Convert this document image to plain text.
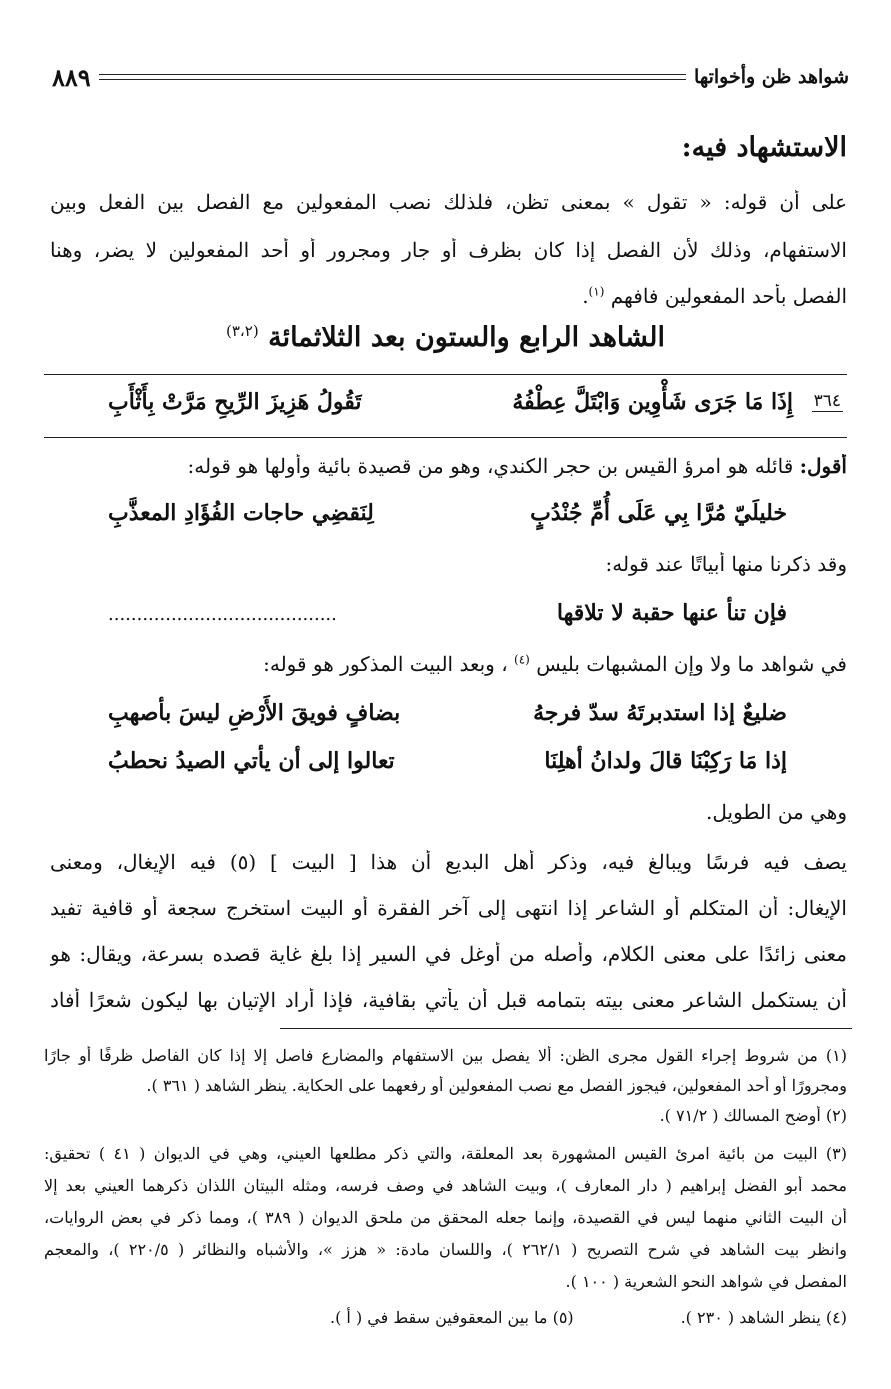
شواهد ظن وأخواتها
٨٨٩
الاستشهاد فيه:
على أن قوله: « تقول » بمعنى تظن، فلذلك نصب المفعولين مع الفصل بين الفعل وبين
الاستفهام، وذلك لأن الفصل إذا كان بظرف أو جار ومجرور أو أحد المفعولين لا يضر، وهنا
الفصل بأحد المفعولين فافهم $^{(١)}$.
الشاهد الرابع والستون بعد الثلاثمائة $^{(٣،٢)}$
٣٦٤
إِذَا مَا جَرَى شَأْوِين وَابْتَلَّ عِطْفُهُ
تَقُولُ هَزِيزَ الرِّيحِ مَرَّتْ بِأَثْأَبِ
أقول: قائله هو امرؤ القيس بن حجر الكندي، وهو من قصيدة بائية وأولها هو قوله:
خليلَيّ مُرَّا بِي عَلَى أُمِّ جُنْدُبٍ
لِنَقضِي حاجات الفُؤَادِ المعذَّبِ
وقد ذكرنا منها أبياتًا عند قوله:
فإن تنأ عنها حقبة لا تلاقها
........................................
في شواهد ما ولا وإن المشبهات بليس $^{(٤)}$ ، وبعد البيت المذكور هو قوله:
ضليعٌ إذا استدبرتَهُ سدّ فرجهُ
بضافٍ فويقَ الأَرْضِ ليسَ بأصهبِ
إذا مَا رَكِبْنَا قالَ ولدانُ أهلِنَا
تعالوا إلى أن يأتي الصيدُ نحطبُ
وهي من الطويل.
يصف فيه فرسًا ويبالغ فيه، وذكر أهل البديع أن هذا [ البيت ] (٥) فيه الإيغال، ومعنى
الإيغال: أن المتكلم أو الشاعر إذا انتهى إلى آخر الفقرة أو البيت استخرج سجعة أو قافية تفيد
معنى زائدًا على معنى الكلام، وأصله من أوغل في السير إذا بلغ غاية قصده بسرعة، ويقال: هو
أن يستكمل الشاعر معنى بيته بتمامه قبل أن يأتي بقافية، فإذا أراد الإتيان بها ليكون شعرًا أفاد
(١) من شروط إجراء القول مجرى الظن: ألا يفصل بين الاستفهام والمضارع فاصل إلا إذا كان الفاصل ظرفًا أو جارًا
ومجرورًا أو أحد المفعولين، فيجوز الفصل مع نصب المفعولين أو رفعهما على الحكاية. ينظر الشاهد ( ٣٦١ ).
(٢) أوضح المسالك ( ٧١/٢ ).
(٣) البيت من بائية امرئ القيس المشهورة بعد المعلقة، والتي ذكر مطلعها العيني، وهي في الديوان ( ٤١ ) تحقيق:
محمد أبو الفضل إبراهيم ( دار المعارف )، وبيت الشاهد في وصف فرسه، ومثله البيتان اللذان ذكرهما العيني بعد إلا
أن البيت الثاني منهما ليس في القصيدة، وإنما جعله المحقق من ملحق الديوان ( ٣٨٩ )، ومما ذكر في بعض الروايات،
وانظر بيت الشاهد في شرح التصريح ( ٢٦٢/١ )، واللسان مادة: « هزز »، والأشباه والنظائر ( ٢٢٠/٥ )، والمعجم
المفصل في شواهد النحو الشعرية ( ١٠٠ ).
(٤) ينظر الشاهد ( ٢٣٠ ).
(٥) ما بين المعقوفين سقط في ( أ ).
